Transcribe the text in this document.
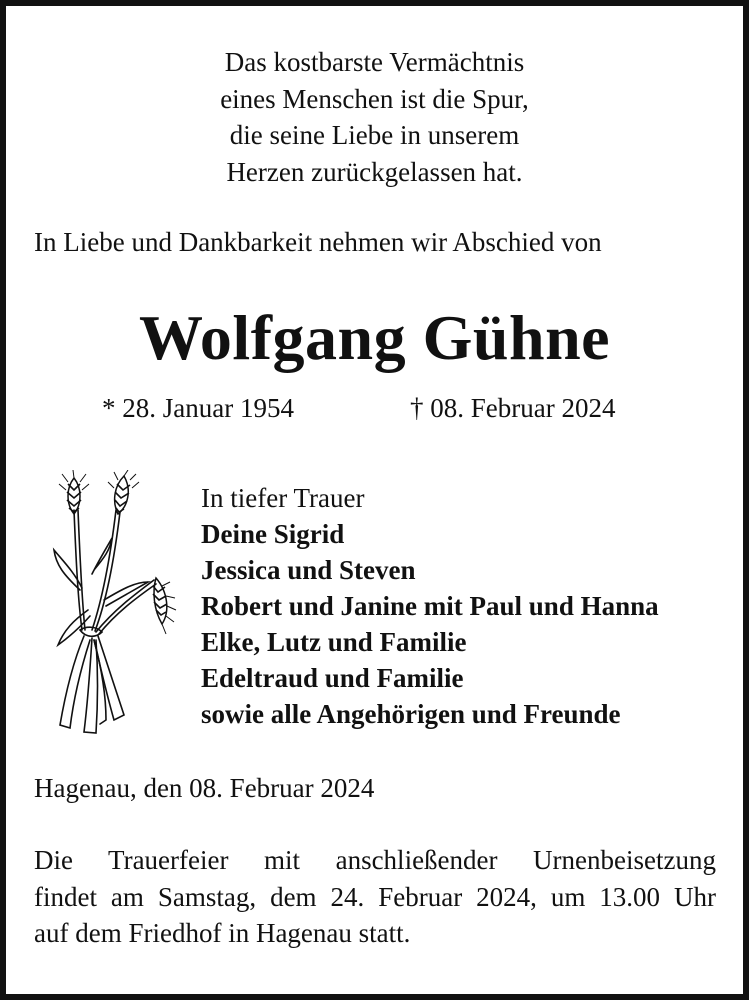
Das kostbarste Vermächtnis
eines Menschen ist die Spur,
die seine Liebe in unserem
Herzen zurückgelassen hat.
In Liebe und Dankbarkeit nehmen wir Abschied von
Wolfgang Gühne
* 28. Januar 1954	† 08. Februar 2024
In tiefer Trauer
Deine Sigrid
Jessica und Steven
Robert und Janine mit Paul und Hanna
Elke, Lutz und Familie
Edeltraud und Familie
sowie alle Angehörigen und Freunde
Hagenau, den 08. Februar 2024
Die Trauerfeier mit anschließender Urnenbeisetzung
findet am Samstag, dem 24. Februar 2024, um 13.00 Uhr
auf dem Friedhof in Hagenau statt.
